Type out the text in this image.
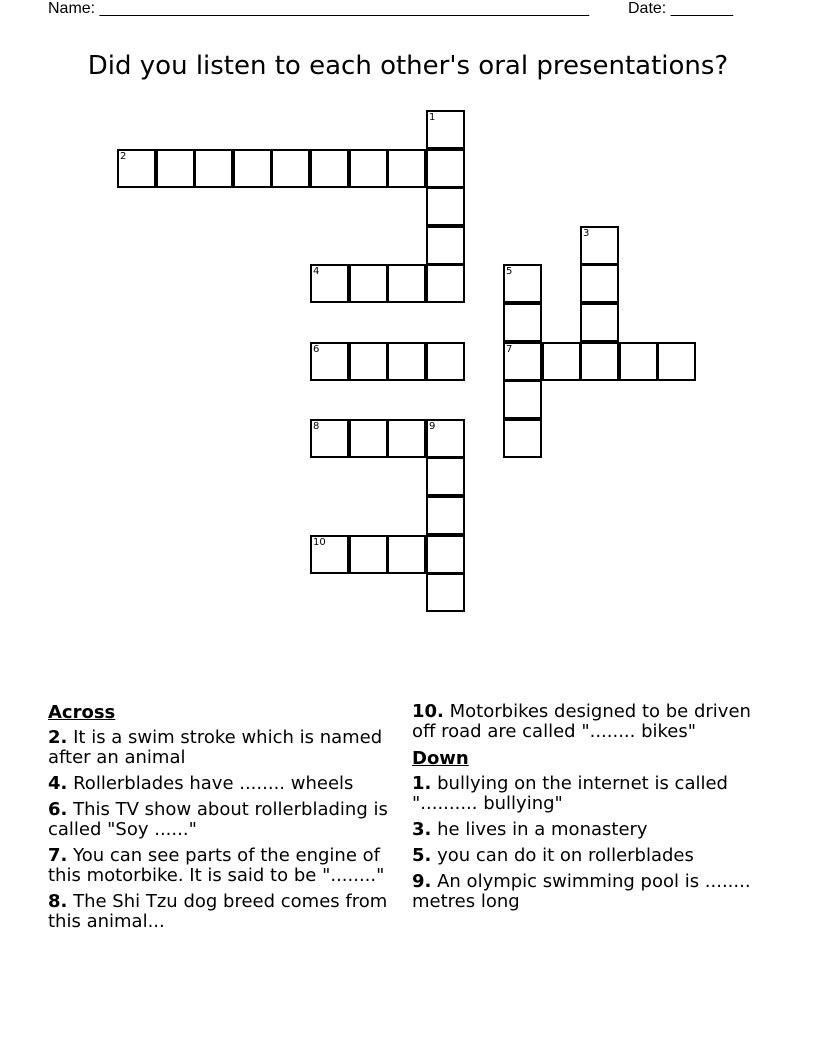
Name: _______________________________________________________ Date: _______
Did you listen to each other's oral presentations?
1
2
3
4	5
7
6
8	9
10
Across
2. It is a swim stroke which is named after an animal
4. Rollerblades have ........ wheels
6. This TV show about rollerblading is called "Soy ......"
7. You can see parts of the engine of this motorbike. It is said to be "........"
8. The Shi Tzu dog breed comes from this animal...
10. Motorbikes designed to be driven off road are called "........ bikes"
Down
1. bullying on the internet is called ".......... bullying"
3. he lives in a monastery
5. you can do it on rollerblades
9. An olympic swimming pool is ........ metres long
